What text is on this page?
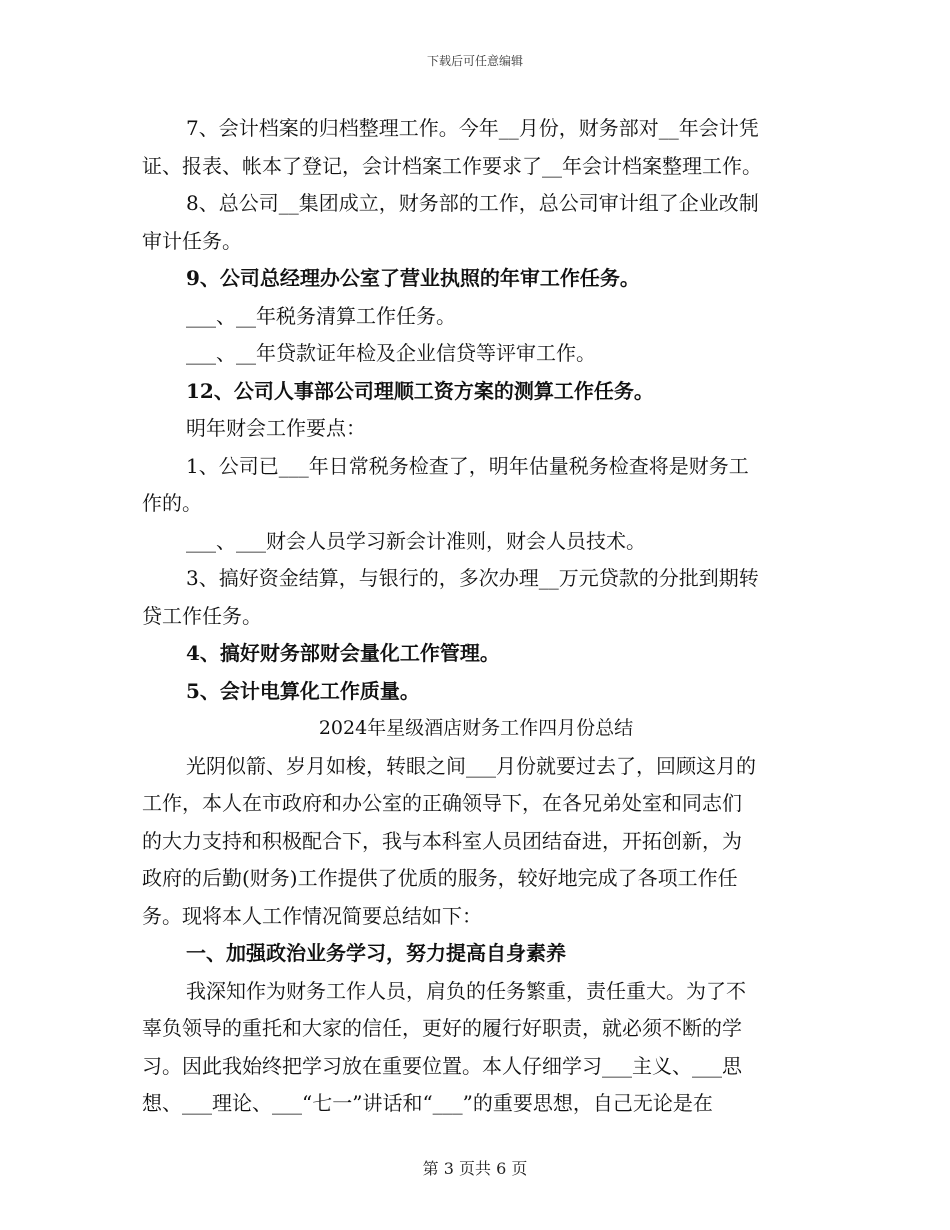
下载后可任意编辑
7、会计档案的归档整理工作。今年__月份，财务部对__年会计凭
证、报表、帐本了登记，会计档案工作要求了__年会计档案整理工作。
8、总公司__集团成立，财务部的工作，总公司审计组了企业改制
审计任务。
9、公司总经理办公室了营业执照的年审工作任务。
___、__年税务清算工作任务。
___、__年贷款证年检及企业信贷等评审工作。
12、公司人事部公司理顺工资方案的测算工作任务。
明年财会工作要点：
1、公司已___年日常税务检查了，明年估量税务检查将是财务工
作的。
___、___财会人员学习新会计准则，财会人员技术。
3、搞好资金结算，与银行的，多次办理__万元贷款的分批到期转
贷工作任务。
4、搞好财务部财会量化工作管理。
5、会计电算化工作质量。
2024年星级酒店财务工作四月份总结
光阴似箭、岁月如梭，转眼之间___月份就要过去了，回顾这月的
工作，本人在市政府和办公室的正确领导下，在各兄弟处室和同志们
的大力支持和积极配合下，我与本科室人员团结奋进，开拓创新，为
政府的后勤(财务)工作提供了优质的服务，较好地完成了各项工作任
务。现将本人工作情况简要总结如下：
一、加强政治业务学习，努力提高自身素养
我深知作为财务工作人员，肩负的任务繁重，责任重大。为了不
辜负领导的重托和大家的信任，更好的履行好职责，就必须不断的学
习。因此我始终把学习放在重要位置。本人仔细学习___主义、___思
想、___理论、___“七一”讲话和“___”的重要思想，自己无论是在
第 3 页共 6 页
